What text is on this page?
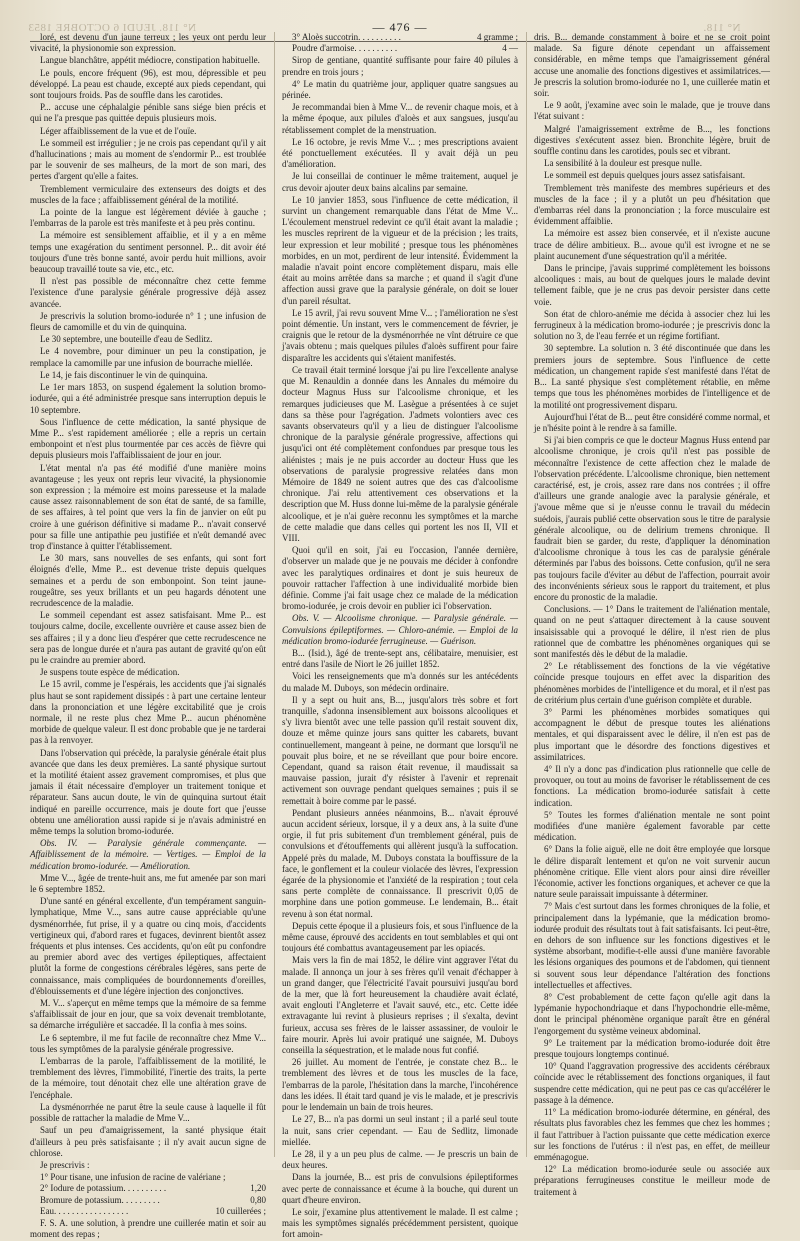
N° 118. JEUDI 6 OCTOBRE 1853	N° 118.
— 476 —

loré, est devenu d'un jaune terreux ; les yeux ont perdu leur vivacité, la physionomie son expression.

Langue blanchâtre, appétit médiocre, constipation habituelle.

Le pouls, encore fréquent (96), est mou, dépressible et peu développé. La peau est chaude, excepté aux pieds cependant, qui sont toujours froids. Pas de souffle dans les carotides.

P... accuse une céphalalgie pénible sans siége bien précis et qui ne l'a presque pas quittée depuis plusieurs mois.

Léger affaiblissement de la vue et de l'ouïe.

Le sommeil est irrégulier ; je ne crois pas cependant qu'il y ait d'hallucinations ; mais au moment de s'endormir P... est troublée par le souvenir de ses malheurs, de la mort de son mari, des pertes d'argent qu'elle a faites.

Tremblement vermiculaire des extenseurs des doigts et des muscles de la face ; affaiblissement général de la motilité.

La pointe de la langue est légèrement déviée à gauche ; l'embarras de la parole est très manifeste et à peu près continu.

La mémoire est sensiblement affaiblie, et il y a en même temps une exagération du sentiment personnel. P... dit avoir été toujours d'une très bonne santé, avoir perdu huit millions, avoir beaucoup travaillé toute sa vie, etc., etc.

Il n'est pas possible de méconnaître chez cette femme l'existence d'une paralysie générale progressive déjà assez avancée.

Je prescrivis la solution bromo-iodurée n° 1 ; une infusion de fleurs de camomille et du vin de quinquina.

Le 30 septembre, une bouteille d'eau de Sedlitz.

Le 4 novembre, pour diminuer un peu la constipation, je remplace la camomille par une infusion de bourrache miellée.

Le 14, je fais discontinuer le vin de quinquina.

Le 1er mars 1853, on suspend également la solution bromo-iodurée, qui a été administrée presque sans interruption depuis le 10 septembre.

Sous l'influence de cette médication, la santé physique de Mme P... s'est rapidement améliorée ; elle a repris un certain embonpoint et n'est plus tourmentée par ces accès de fièvre qui depuis plusieurs mois l'affaiblissaient de jour en jour.

L'état mental n'a pas été modifié d'une manière moins avantageuse ; les yeux ont repris leur vivacité, la physionomie son expression ; la mémoire est moins paresseuse et la malade cause assez raisonnablement de son état de santé, de sa famille, de ses affaires, à tel point que vers la fin de janvier on eût pu croire à une guérison définitive si madame P... n'avait conservé pour sa fille une antipathie peu justifiée et n'eût demandé avec trop d'instance à quitter l'établissement.

Le 30 mars, sans nouvelles de ses enfants, qui sont fort éloignés d'elle, Mme P... est devenue triste depuis quelques semaines et a perdu de son embonpoint. Son teint jaune-rougeâtre, ses yeux brillants et un peu hagards dénotent une recrudescence de la maladie.

Le sommeil cependant est assez satisfaisant. Mme P... est toujours calme, docile, excellente ouvrière et cause assez bien de ses affaires ; il y a donc lieu d'espérer que cette recrudescence ne sera pas de longue durée et n'aura pas autant de gravité qu'on eût pu le craindre au premier abord.

Je suspens toute espèce de médication.

Le 15 avril, comme je l'espérais, les accidents que j'ai signalés plus haut se sont rapidement dissipés : à part une certaine lenteur dans la prononciation et une légère excitabilité que je crois normale, il ne reste plus chez Mme P... aucun phénomène morbide de quelque valeur. Il est donc probable que je ne tarderai pas à la renvoyer.

Dans l'observation qui précède, la paralysie générale était plus avancée que dans les deux premières. La santé physique surtout et la motilité étaient assez gravement compromises, et plus que jamais il était nécessaire d'employer un traitement tonique et réparateur. Sans aucun doute, le vin de quinquina surtout était indiqué en pareille occurrence, mais je doute fort que j'eusse obtenu une amélioration aussi rapide si je n'avais administré en même temps la solution bromo-iodurée.

Obs. IV. — Paralysie générale commençante. — Affaiblissement de la mémoire. — Vertiges. — Emploi de la médication bromo-iodurée. — Amélioration.

Mme V..., âgée de trente-huit ans, me fut amenée par son mari le 6 septembre 1852.

D'une santé en général excellente, d'un tempérament sanguin-lymphatique, Mme V..., sans autre cause appréciable qu'une dysménorrhée, fut prise, il y a quatre ou cinq mois, d'accidents vertigineux qui, d'abord rares et fugaces, devinrent bientôt assez fréquents et plus intenses. Ces accidents, qu'on eût pu confondre au premier abord avec des vertiges épileptiques, affectaient plutôt la forme de congestions cérébrales légères, sans perte de connaissance, mais compliquées de bourdonnements d'oreilles, d'éblouissements et d'une légère injection des conjonctives.

M. V... s'aperçut en même temps que la mémoire de sa femme s'affaiblissait de jour en jour, que sa voix devenait tremblotante, sa démarche irrégulière et saccadée. Il la confia à mes soins.

Le 6 septembre, il me fut facile de reconnaître chez Mme V... tous les symptômes de la paralysie générale progressive.

L'embarras de la parole, l'affaiblissement de la motilité, le tremblement des lèvres, l'immobilité, l'inertie des traits, la perte de la mémoire, tout dénotait chez elle une altération grave de l'encéphale.

La dysménorrhée ne parut être la seule cause à laquelle il fût possible de rattacher la maladie de Mme V...

Sauf un peu d'amaigrissement, la santé physique était d'ailleurs à peu près satisfaisante ; il n'y avait aucun signe de chlorose.

Je prescrivis :

1° Pour tisane, une infusion de racine de valériane ;
2° Iodure de potassium. . . . . . . . . .	1,20
Bromure de potassium. . . . . . . . .	0,80
Eau. . . . . . . . . . . . . . . . .	10 cuillerées ;

F. S. A. une solution, à prendre une cuillerée matin et soir au moment des repas ;

3° Aloès succotrin. . . . . . . . . .	4 gramme ;
Poudre d'armoise. . . . . . . . . .	4 —

Sirop de gentiane, quantité suffisante pour faire 40 pilules à prendre en trois jours ;

4° Le matin du quatrième jour, appliquer quatre sangsues au périnée.

Je recommandai bien à Mme V... de revenir chaque mois, et à la même époque, aux pilules d'aloès et aux sangsues, jusqu'au rétablissement complet de la menstruation.

Le 16 octobre, je revis Mme V... ; mes prescriptions avaient été ponctuellement exécutées. Il y avait déjà un peu d'amélioration.

Je lui conseillai de continuer le même traitement, auquel je crus devoir ajouter deux bains alcalins par semaine.

Le 10 janvier 1853, sous l'influence de cette médication, il survint un changement remarquable dans l'état de Mme V... L'écoulement menstruel redevint ce qu'il était avant la maladie ; les muscles reprirent de la vigueur et de la précision ; les traits, leur expression et leur mobilité ; presque tous les phénomènes morbides, en un mot, perdirent de leur intensité. Évidemment la maladie n'avait point encore complètement disparu, mais elle était au moins arrêtée dans sa marche ; et quand il s'agit d'une affection aussi grave que la paralysie générale, on doit se louer d'un pareil résultat.

Le 15 avril, j'ai revu souvent Mme V... ; l'amélioration ne s'est point démentie. Un instant, vers le commencement de février, je craignis que le retour de la dysménorrhée ne vînt détruire ce que j'avais obtenu ; mais quelques pilules d'aloès suffirent pour faire disparaître les accidents qui s'étaient manifestés.

Ce travail était terminé lorsque j'ai pu lire l'excellente analyse que M. Renauldin a donnée dans les Annales du mémoire du docteur Magnus Huss sur l'alcoolisme chronique, et les remarques judicieuses que M. Lasègue a présentées à ce sujet dans sa thèse pour l'agrégation. J'admets volontiers avec ces savants observateurs qu'il y a lieu de distinguer l'alcoolisme chronique de la paralysie générale progressive, affections qui jusqu'ici ont été complètement confondues par presque tous les aliénistes ; mais je ne puis accorder au docteur Huss que les observations de paralysie progressive relatées dans mon Mémoire de 1849 ne soient autres que des cas d'alcoolisme chronique. J'ai relu attentivement ces observations et la description que M. Huss donne lui-même de la paralysie générale alcoolique, et je n'ai guère reconnu les symptômes et la marche de cette maladie que dans celles qui portent les nos II, VII et VIII.

Quoi qu'il en soit, j'ai eu l'occasion, l'année dernière, d'observer un malade que je ne pouvais me décider à confondre avec les paralytiques ordinaires et dont je suis heureux de pouvoir rattacher l'affection à une individualité morbide bien définie. Comme j'ai fait usage chez ce malade de la médication bromo-iodurée, je crois devoir en publier ici l'observation.

Obs. V. — Alcoolisme chronique. — Paralysie générale. — Convulsions épileptiformes. — Chloro-anémie. — Emploi de la médication bromo-iodurée ferrugineuse. — Guérison.

B... (Isid.), âgé de trente-sept ans, célibataire, menuisier, est entré dans l'asile de Niort le 26 juillet 1852.

Voici les renseignements que m'a donnés sur les antécédents du malade M. Duboys, son médecin ordinaire.

Il y a sept ou huit ans, B..., jusqu'alors très sobre et fort tranquille, s'adonna insensiblement aux boissons alcooliques et s'y livra bientôt avec une telle passion qu'il restait souvent dix, douze et même quinze jours sans quitter les cabarets, buvant continuellement, mangeant à peine, ne dormant que lorsqu'il ne pouvait plus boire, et ne se réveillant que pour boire encore. Cependant, quand sa raison était revenue, il maudissait sa mauvaise passion, jurait d'y résister à l'avenir et reprenait activement son ouvrage pendant quelques semaines ; puis il se remettait à boire comme par le passé.

Pendant plusieurs années néanmoins, B... n'avait éprouvé aucun accident sérieux, lorsque, il y a deux ans, à la suite d'une orgie, il fut pris subitement d'un tremblement général, puis de convulsions et d'étouffements qui allèrent jusqu'à la suffocation. Appelé près du malade, M. Duboys constata la bouffissure de la face, le gonflement et la couleur violacée des lèvres, l'expression égarée de la physionomie et l'anxiété de la respiration ; tout cela sans perte complète de connaissance. Il prescrivit 0,05 de morphine dans une potion gommeuse. Le lendemain, B... était revenu à son état normal.

Depuis cette époque il a plusieurs fois, et sous l'influence de la même cause, éprouvé des accidents en tout semblables et qui ont toujours été combattus avantageusement par les opiacés.

Mais vers la fin de mai 1852, le délire vint aggraver l'état du malade. Il annonça un jour à ses frères qu'il venait d'échapper à un grand danger, que l'électricité l'avait poursuivi jusqu'au bord de la mer, que là fort heureusement la chaudière avait éclaté, avait englouti l'Angleterre et l'avait sauvé, etc., etc. Cette idée extravagante lui revint à plusieurs reprises ; il s'exalta, devint furieux, accusa ses frères de le laisser assassiner, de vouloir le faire mourir. Après lui avoir pratiqué une saignée, M. Duboys conseilla la séquestration, et le malade nous fut confié.

26 juillet. Au moment de l'entrée, je constate chez B... le tremblement des lèvres et de tous les muscles de la face, l'embarras de la parole, l'hésitation dans la marche, l'incohérence dans les idées. Il était tard quand je vis le malade, et je prescrivis pour le lendemain un bain de trois heures.

Le 27, B... n'a pas dormi un seul instant ; il a parlé seul toute la nuit, sans crier cependant. — Eau de Sedlitz, limonade miellée.

Le 28, il y a un peu plus de calme. — Je prescris un bain de deux heures.

Dans la journée, B... est pris de convulsions épileptiformes avec perte de connaissance et écume à la bouche, qui durent un quart d'heure environ.

Le soir, j'examine plus attentivement le malade. Il est calme ; mais les symptômes signalés précédemment persistent, quoique fort amoin-

dris. B... demande constamment à boire et ne se croit point malade. Sa figure dénote cependant un affaissement considérable, en même temps que l'amaigrissement général accuse une anomalie des fonctions digestives et assimilatrices.—Je prescris la solution bromo-iodurée no 1, une cuillerée matin et soir.

Le 9 août, j'examine avec soin le malade, que je trouve dans l'état suivant :

Malgré l'amaigrissement extrême de B..., les fonctions digestives s'exécutent assez bien. Bronchite légère, bruit de souffle continu dans les carotides, pouls sec et vibrant.

La sensibilité à la douleur est presque nulle.

Le sommeil est depuis quelques jours assez satisfaisant.

Tremblement très manifeste des membres supérieurs et des muscles de la face ; il y a plutôt un peu d'hésitation que d'embarras réel dans la prononciation ; la force musculaire est évidemment affaiblie.

La mémoire est assez bien conservée, et il n'existe aucune trace de délire ambitieux. B... avoue qu'il est ivrogne et ne se plaint aucunement d'une séquestration qu'il a méritée.

Dans le principe, j'avais supprimé complètement les boissons alcooliques : mais, au bout de quelques jours le malade devint tellement faible, que je ne crus pas devoir persister dans cette voie.

Son état de chloro-anémie me décida à associer chez lui les ferrugineux à la médication bromo-iodurée ; je prescrivis donc la solution no 3, de l'eau ferrée et un régime fortifiant.

30 septembre. La solution n. 3 été discontinuée que dans les premiers jours de septembre. Sous l'influence de cette médication, un changement rapide s'est manifesté dans l'état de B... La santé physique s'est complètement rétablie, en même temps que tous les phénomènes morbides de l'intelligence et de la motilité ont progressivement disparu.

Aujourd'hui l'état de B... peut être considéré comme normal, et je n'hésite point à le rendre à sa famille.

Si j'ai bien compris ce que le docteur Magnus Huss entend par alcoolisme chronique, je crois qu'il n'est pas possible de méconnaître l'existence de cette affection chez le malade de l'observation précédente. L'alcoolisme chronique, bien nettement caractérisé, est, je crois, assez rare dans nos contrées ; il offre d'ailleurs une grande analogie avec la paralysie générale, et j'avoue même que si je n'eusse connu le travail du médecin suédois, j'aurais publié cette observation sous le titre de paralysie générale alcoolique, ou de delirium tremens chronique. Il faudrait bien se garder, du reste, d'appliquer la dénomination d'alcoolisme chronique à tous les cas de paralysie générale déterminés par l'abus des boissons. Cette confusion, qu'il ne sera pas toujours facile d'éviter au début de l'affection, pourrait avoir des inconvénients sérieux sous le rapport du traitement, et plus encore du pronostic de la maladie.

Conclusions. — 1° Dans le traitement de l'aliénation mentale, quand on ne peut s'attaquer directement à la cause souvent insaisissable qui a provoqué le délire, il n'est rien de plus rationnel que de combattre les phénomènes organiques qui se sont manifestés dès le début de la maladie.

2° Le rétablissement des fonctions de la vie végétative coïncide presque toujours en effet avec la disparition des phénomènes morbides de l'intelligence et du moral, et il n'est pas de critérium plus certain d'une guérison complète et durable.

3° Parmi les phénomènes morbides somatiques qui accompagnent le début de presque toutes les aliénations mentales, et qui disparaissent avec le délire, il n'en est pas de plus important que le désordre des fonctions digestives et assimilatrices.

4° Il n'y a donc pas d'indication plus rationnelle que celle de provoquer, ou tout au moins de favoriser le rétablissement de ces fonctions. La médication bromo-iodurée satisfait à cette indication.

5° Toutes les formes d'aliénation mentale ne sont point modifiées d'une manière également favorable par cette médication.

6° Dans la folie aiguë, elle ne doit être employée que lorsque le délire disparaît lentement et qu'on ne voit survenir aucun phénomène critique. Elle vient alors pour ainsi dire réveiller l'économie, activer les fonctions organiques, et achever ce que la nature seule paraissait impuissante à déterminer.

7° Mais c'est surtout dans les formes chroniques de la folie, et principalement dans la lypémanie, que la médication bromo-iodurée produit des résultats tout à fait satisfaisants. Ici peut-être, en dehors de son influence sur les fonctions digestives et le système absorbant, modifie-t-elle aussi d'une manière favorable les lésions organiques des poumons et de l'abdomen, qui tiennent si souvent sous leur dépendance l'altération des fonctions intellectuelles et affectives.

8° C'est probablement de cette façon qu'elle agit dans la lypémanie hypochondriaque et dans l'hypochondrie elle-même, dont le principal phénomène organique paraît être en général l'engorgement du système veineux abdominal.

9° Le traitement par la médication bromo-iodurée doit être presque toujours longtemps continué.

10° Quand l'aggravation progressive des accidents cérébraux coïncide avec le rétablissement des fonctions organiques, il faut suspendre cette médication, qui ne peut pas ce cas qu'accélérer le passage à la démence.

11° La médication bromo-iodurée détermine, en général, des résultats plus favorables chez les femmes que chez les hommes ; il faut l'attribuer à l'action puissante que cette médication exerce sur les fonctions de l'utérus : il n'est pas, en effet, de meilleur emménagogue.

12° La médication bromo-iodurée seule ou associée aux préparations ferrugineuses constitue le meilleur mode de traitement à
